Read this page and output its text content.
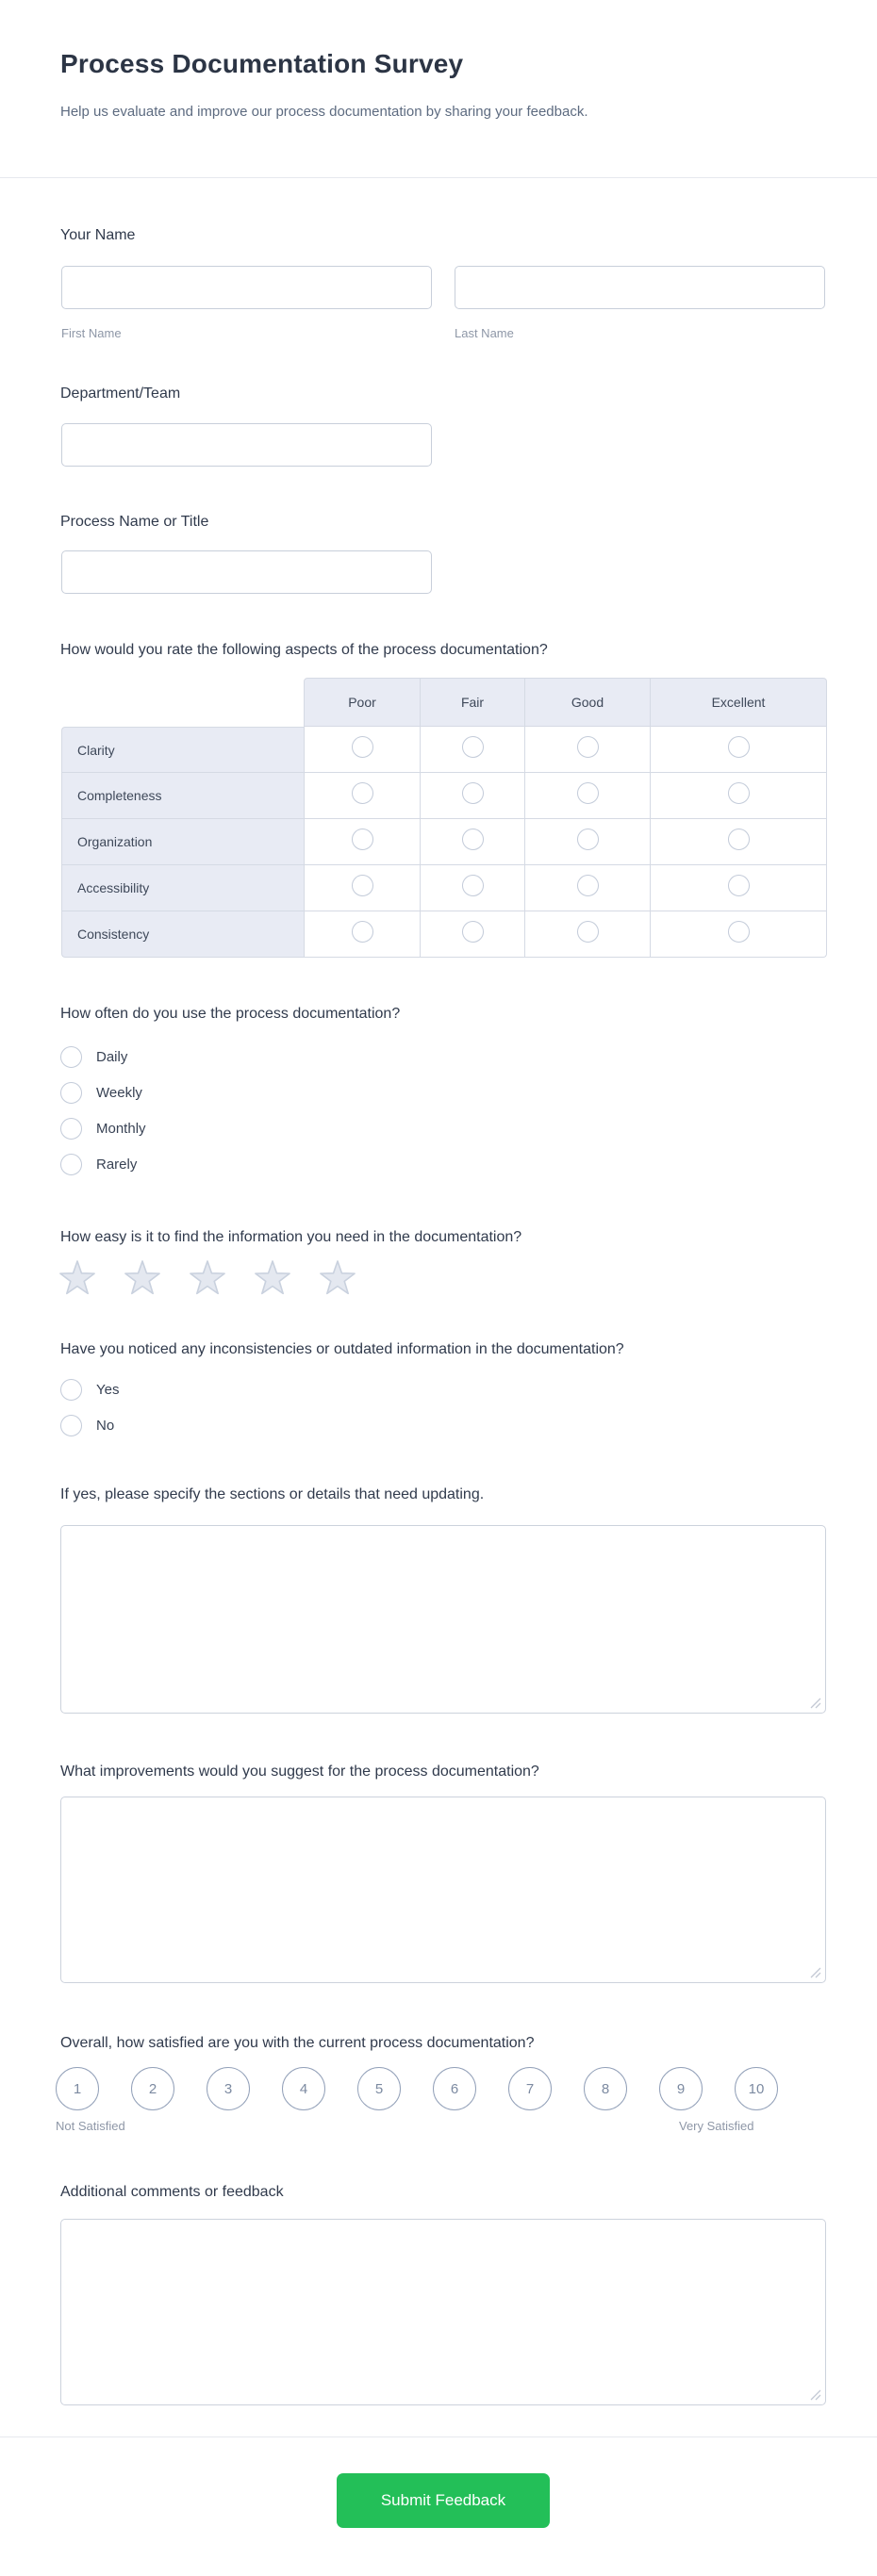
Process Documentation Survey

Help us evaluate and improve our process documentation by sharing your feedback.

Your Name
First Name	Last Name
Department/Team
Process Name or Title
How would you rate the following aspects of the process documentation?
	Poor	Fair	Good	Excellent
Clarity				
Completeness				
Organization				
Accessibility				
Consistency				
How often do you use the process documentation?
Daily
Weekly
Monthly
Rarely
How easy is it to find the information you need in the documentation?
Have you noticed any inconsistencies or outdated information in the documentation?
Yes
No
If yes, please specify the sections or details that need updating.
What improvements would you suggest for the process documentation?
Overall, how satisfied are you with the current process documentation?
1	2	3	4	5	6	7	8	9	10
Not Satisfied	Very Satisfied
Additional comments or feedback
Submit Feedback
